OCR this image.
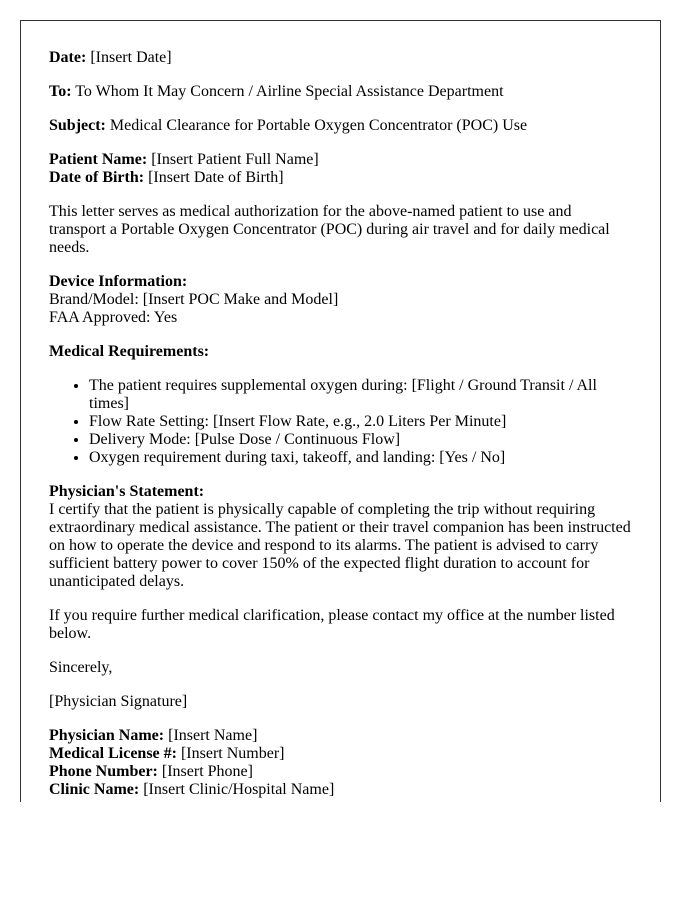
Date: [Insert Date]

To: To Whom It May Concern / Airline Special Assistance Department

Subject: Medical Clearance for Portable Oxygen Concentrator (POC) Use

Patient Name: [Insert Patient Full Name]
Date of Birth: [Insert Date of Birth]

This letter serves as medical authorization for the above-named patient to use and transport a Portable Oxygen Concentrator (POC) during air travel and for daily medical needs.

Device Information:
Brand/Model: [Insert POC Make and Model]
FAA Approved: Yes

Medical Requirements:

• The patient requires supplemental oxygen during: [Flight / Ground Transit / All times]
• Flow Rate Setting: [Insert Flow Rate, e.g., 2.0 Liters Per Minute]
• Delivery Mode: [Pulse Dose / Continuous Flow]
• Oxygen requirement during taxi, takeoff, and landing: [Yes / No]

Physician's Statement:
I certify that the patient is physically capable of completing the trip without requiring extraordinary medical assistance. The patient or their travel companion has been instructed on how to operate the device and respond to its alarms. The patient is advised to carry sufficient battery power to cover 150% of the expected flight duration to account for unanticipated delays.

If you require further medical clarification, please contact my office at the number listed below.

Sincerely,

[Physician Signature]

Physician Name: [Insert Name]
Medical License #: [Insert Number]
Phone Number: [Insert Phone]
Clinic Name: [Insert Clinic/Hospital Name]
